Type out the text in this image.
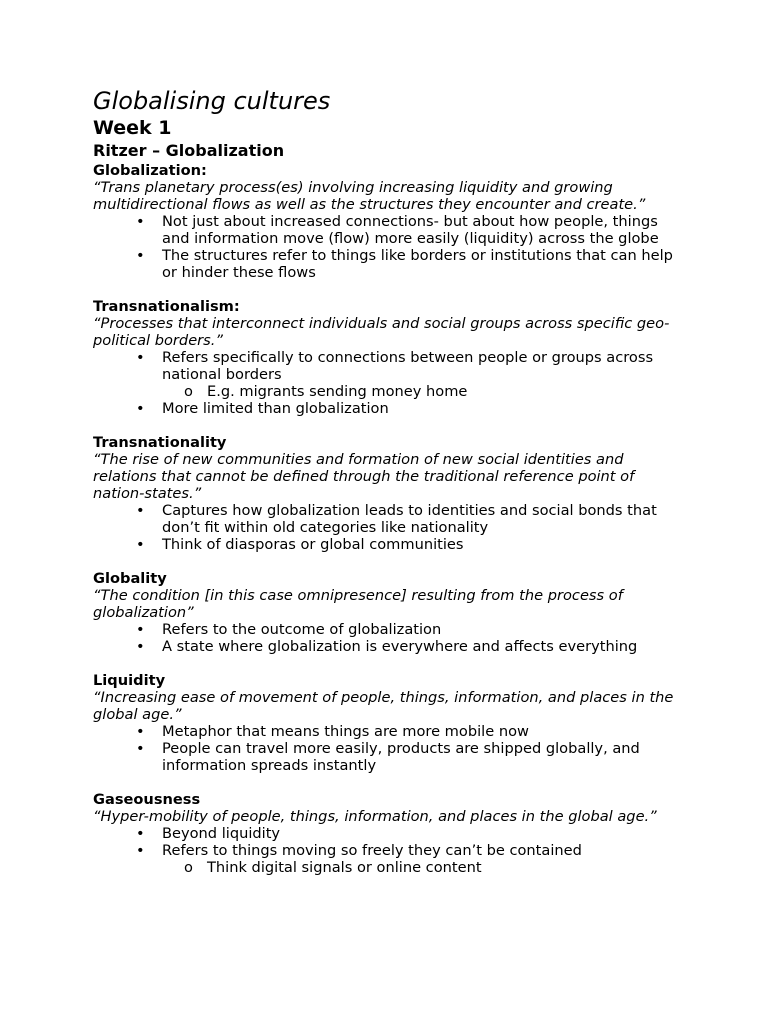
Globalising cultures
Week 1
Ritzer – Globalization

Globalization:

“Trans planetary process(es) involving increasing liquidity and growing multidirectional flows as well as the structures they encounter and create.”

• Not just about increased connections- but about how people, things and information move (flow) more easily (liquidity) across the globe
• The structures refer to things like borders or institutions that can help or hinder these flows

Transnationalism:

“Processes that interconnect individuals and social groups across specific geo-political borders.”

• Refers specifically to connections between people or groups across national borders
o E.g. migrants sending money home
• More limited than globalization

Transnationality

“The rise of new communities and formation of new social identities and relations that cannot be defined through the traditional reference point of nation-states.”

• Captures how globalization leads to identities and social bonds that don’t fit within old categories like nationality
• Think of diasporas or global communities

Globality

“The condition [in this case omnipresence] resulting from the process of globalization”

• Refers to the outcome of globalization
• A state where globalization is everywhere and affects everything

Liquidity

“Increasing ease of movement of people, things, information, and places in the global age.”

• Metaphor that means things are more mobile now
• People can travel more easily, products are shipped globally, and information spreads instantly

Gaseousness

“Hyper-mobility of people, things, information, and places in the global age.”

• Beyond liquidity
• Refers to things moving so freely they can’t be contained
o Think digital signals or online content
